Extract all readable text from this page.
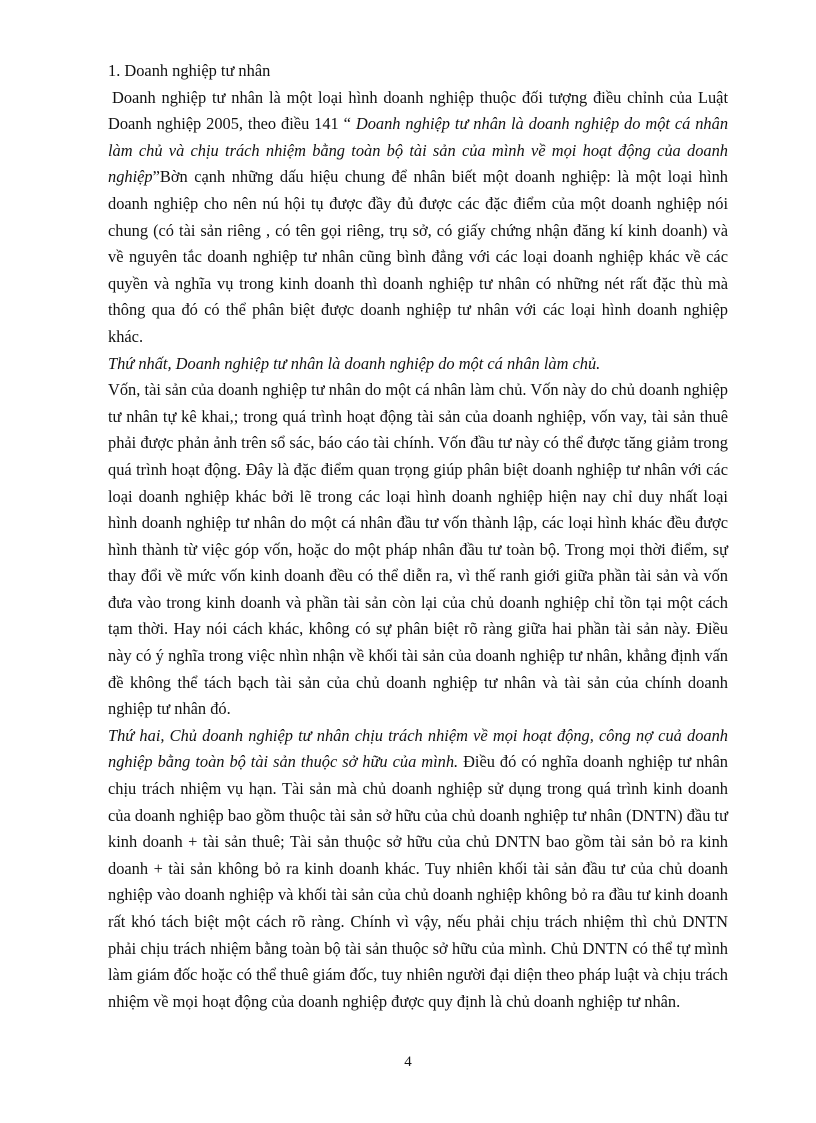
1. Doanh nghiệp tư nhân

Doanh nghiệp tư nhân là một loại hình doanh nghiệp thuộc đối tượng điều chỉnh của Luật Doanh nghiệp 2005, theo điều 141 “ Doanh nghiệp tư nhân là doanh nghiệp do một cá nhân làm chủ và chịu trách nhiệm bằng toàn bộ tài sản của mình về mọi hoạt động của doanh nghiệp”Bờn cạnh những dấu hiệu chung để nhân biết một doanh nghiệp: là một loại hình doanh nghiệp cho nên nú hội tụ được đầy đủ được các đặc điểm của một doanh nghiệp nói chung (có tài sản riêng , có tên gọi riêng, trụ sở, có giấy chứng nhận đăng kí kinh doanh) và về nguyên tắc doanh nghiệp tư nhân cũng bình đẳng với các loại doanh nghiệp khác về các quyền và nghĩa vụ trong kinh doanh thì doanh nghiệp tư nhân có những nét rất đặc thù mà thông qua đó có thể phân biệt được doanh nghiệp tư nhân với các loại hình doanh nghiệp khác.

Thứ nhất, Doanh nghiệp tư nhân là doanh nghiệp do một cá nhân làm chủ.

Vốn, tài sản của doanh nghiệp tư nhân do một cá nhân làm chủ. Vốn này do chủ doanh nghiệp tư nhân tự kê khai,; trong quá trình hoạt động tài sản của doanh nghiệp, vốn vay, tài sản thuê phải được phản ảnh trên sổ sác, báo cáo tài chính. Vốn đầu tư này có thể được tăng giảm trong quá trình hoạt động. Đây là đặc điểm quan trọng giúp phân biệt doanh nghiệp tư nhân với các loại doanh nghiệp khác bởi lẽ trong các loại hình doanh nghiệp hiện nay chỉ duy nhất loại hình doanh nghiệp tư nhân do một cá nhân đầu tư vốn thành lập, các loại hình khác đều được hình thành từ việc góp vốn, hoặc do một pháp nhân đầu tư toàn bộ. Trong mọi thời điểm, sự thay đổi về mức vốn kinh doanh đều có thể diễn ra, vì thế ranh giới giữa phần tài sản và vốn đưa vào trong kinh doanh và phần tài sản còn lại của chủ doanh nghiệp chỉ tồn tại một cách tạm thời. Hay nói cách khác, không có sự phân biệt rõ ràng giữa hai phần tài sản này. Điều này có ý nghĩa trong việc nhìn nhận về khối tài sản của doanh nghiệp tư nhân, khẳng định vấn đề không thể tách bạch tài sản của chủ doanh nghiệp tư nhân và tài sản của chính doanh nghiệp tư nhân đó.

Thứ hai, Chủ doanh nghiệp tư nhân chịu trách nhiệm về mọi hoạt động, công nợ cuả doanh nghiệp bằng toàn bộ tài sản thuộc sở hữu của mình. Điều đó có nghĩa doanh nghiệp tư nhân chịu trách nhiệm vụ hạn. Tài sản mà chủ doanh nghiệp sử dụng trong quá trình kinh doanh của doanh nghiệp bao gồm thuộc tài sản sở hữu của chủ doanh nghiệp tư nhân (DNTN) đầu tư kinh doanh + tài sản thuê; Tài sản thuộc sở hữu của chủ DNTN bao gồm tài sản bỏ ra kinh doanh + tài sản không bỏ ra kinh doanh khác. Tuy nhiên khối tài sản đầu tư của chủ doanh nghiệp vào doanh nghiệp và khối tài sản của chủ doanh nghiệp không bỏ ra đầu tư kinh doanh rất khó tách biệt một cách rõ ràng. Chính vì vậy, nếu phải chịu trách nhiệm thì chủ DNTN phải chịu trách nhiệm bằng toàn bộ tài sản thuộc sở hữu của mình. Chủ DNTN có thể tự mình làm giám đốc hoặc có thể thuê giám đốc, tuy nhiên người đại diện theo pháp luật và chịu trách nhiệm về mọi hoạt động của doanh nghiệp được quy định là chủ doanh nghiệp tư nhân.

4
